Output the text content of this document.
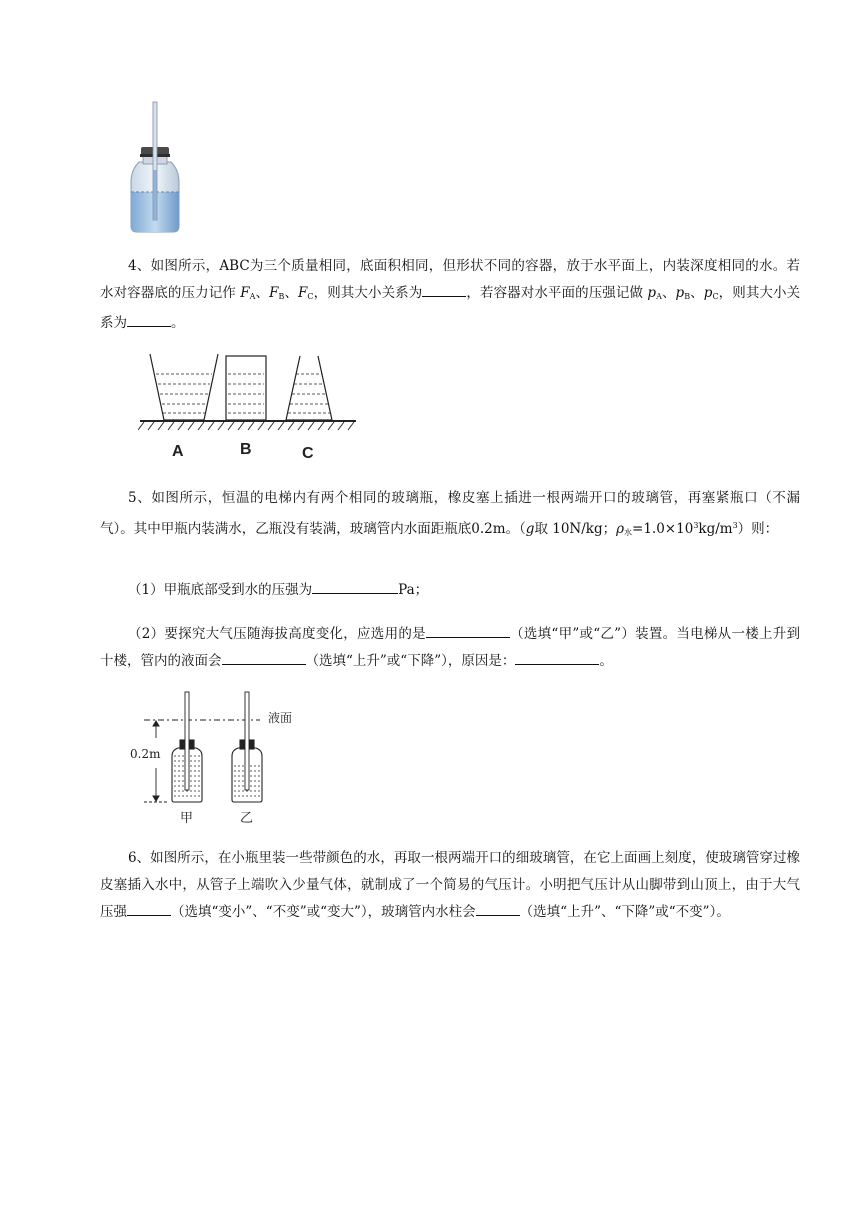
4、如图所示，ABC为三个质量相同，底面积相同，但形状不同的容器，放于水平面上，内装深度相同的水。若水对容器底的压力记作 $F_A$、$F_B$、$F_C$，则其大小关系为	，若容器对水平面的压强记做 $p_A$、$p_B$、$p_C$，则其大小关系为	。
A	B	C
5、如图所示，恒温的电梯内有两个相同的玻璃瓶，橡皮塞上插进一根两端开口的玻璃管，再塞紧瓶口（不漏气）。其中甲瓶内装满水，乙瓶没有装满，玻璃管内水面距瓶底0.2m。（g取 10N/kg；$\rho_水=1.0\times 10^3kg/m^3$）则：
（1）甲瓶底部受到水的压强为	Pa；
（2）要探究大气压随海拔高度变化，应选用的是	（选填“甲”或“乙”）装置。当电梯从一楼上升到十楼，管内的液面会	（选填“上升”或“下降”），原因是：	。
0.2m
液面
甲	乙
6、如图所示，在小瓶里装一些带颜色的水，再取一根两端开口的细玻璃管，在它上面画上刻度，使玻璃管穿过橡皮塞插入水中，从管子上端吹入少量气体，就制成了一个简易的气压计。小明把气压计从山脚带到山顶上，由于大气压强	（选填“变小”、“不变”或“变大”），玻璃管内水柱会	（选填“上升”、“下降”或“不变”）。
